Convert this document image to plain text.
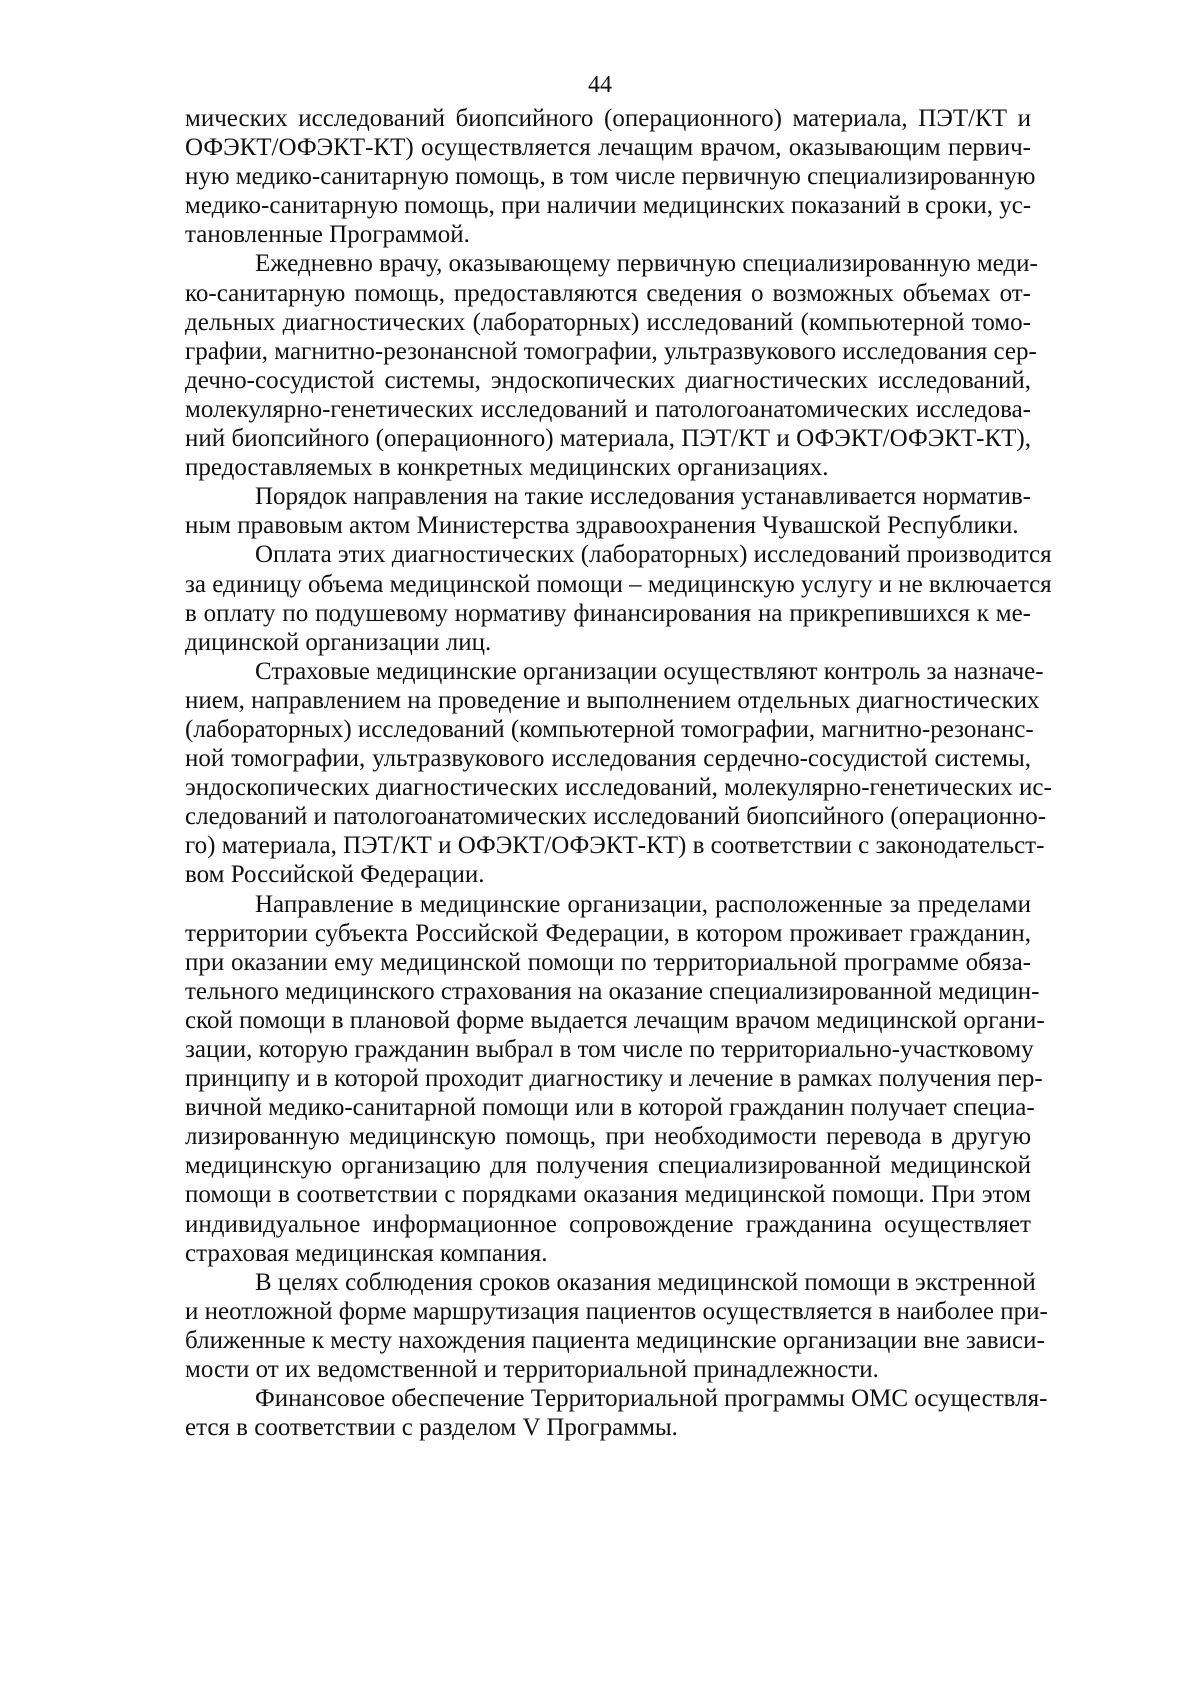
44
мических исследований биопсийного (операционного) материала, ПЭТ/КТ и
ОФЭКТ/ОФЭКТ-КТ) осуществляется лечащим врачом, оказывающим первич-
ную медико-санитарную помощь, в том числе первичную специализированную
медико-санитарную помощь, при наличии медицинских показаний в сроки, ус-
тановленные Программой.
Ежедневно врачу, оказывающему первичную специализированную меди-
ко-санитарную помощь, предоставляются сведения о возможных объемах от-
дельных диагностических (лабораторных) исследований (компьютерной томо-
графии, магнитно-резонансной томографии, ультразвукового исследования сер-
дечно-сосудистой системы, эндоскопических диагностических исследований,
молекулярно-генетических исследований и патологоанатомических исследова-
ний биопсийного (операционного) материала, ПЭТ/КТ и ОФЭКТ/ОФЭКТ-КТ),
предоставляемых в конкретных медицинских организациях.
Порядок направления на такие исследования устанавливается норматив-
ным правовым актом Министерства здравоохранения Чувашской Республики.
Оплата этих диагностических (лабораторных) исследований производится
за единицу объема медицинской помощи – медицинскую услугу и не включается
в оплату по подушевому нормативу финансирования на прикрепившихся к ме-
дицинской организации лиц.
Страховые медицинские организации осуществляют контроль за назначе-
нием, направлением на проведение и выполнением отдельных диагностических
(лабораторных) исследований (компьютерной томографии, магнитно-резонанс-
ной томографии, ультразвукового исследования сердечно-сосудистой системы,
эндоскопических диагностических исследований, молекулярно-генетических ис-
следований и патологоанатомических исследований биопсийного (операционно-
го) материала, ПЭТ/КТ и ОФЭКТ/ОФЭКТ-КТ) в соответствии с законодательст-
вом Российской Федерации.
Направление в медицинские организации, расположенные за пределами
территории субъекта Российской Федерации, в котором проживает гражданин,
при оказании ему медицинской помощи по территориальной программе обяза-
тельного медицинского страхования на оказание специализированной медицин-
ской помощи в плановой форме выдается лечащим врачом медицинской органи-
зации, которую гражданин выбрал в том числе по территориально-участковому
принципу и в которой проходит диагностику и лечение в рамках получения пер-
вичной медико-санитарной помощи или в которой гражданин получает специа-
лизированную медицинскую помощь, при необходимости перевода в другую
медицинскую организацию для получения специализированной медицинской
помощи в соответствии с порядками оказания медицинской помощи. При этом
индивидуальное информационное сопровождение гражданина осуществляет
страховая медицинская компания.
В целях соблюдения сроков оказания медицинской помощи в экстренной
и неотложной форме маршрутизация пациентов осуществляется в наиболее при-
ближенные к месту нахождения пациента медицинские организации вне зависи-
мости от их ведомственной и территориальной принадлежности.
Финансовое обеспечение Территориальной программы ОМС осуществля-
ется в соответствии с разделом V Программы.
